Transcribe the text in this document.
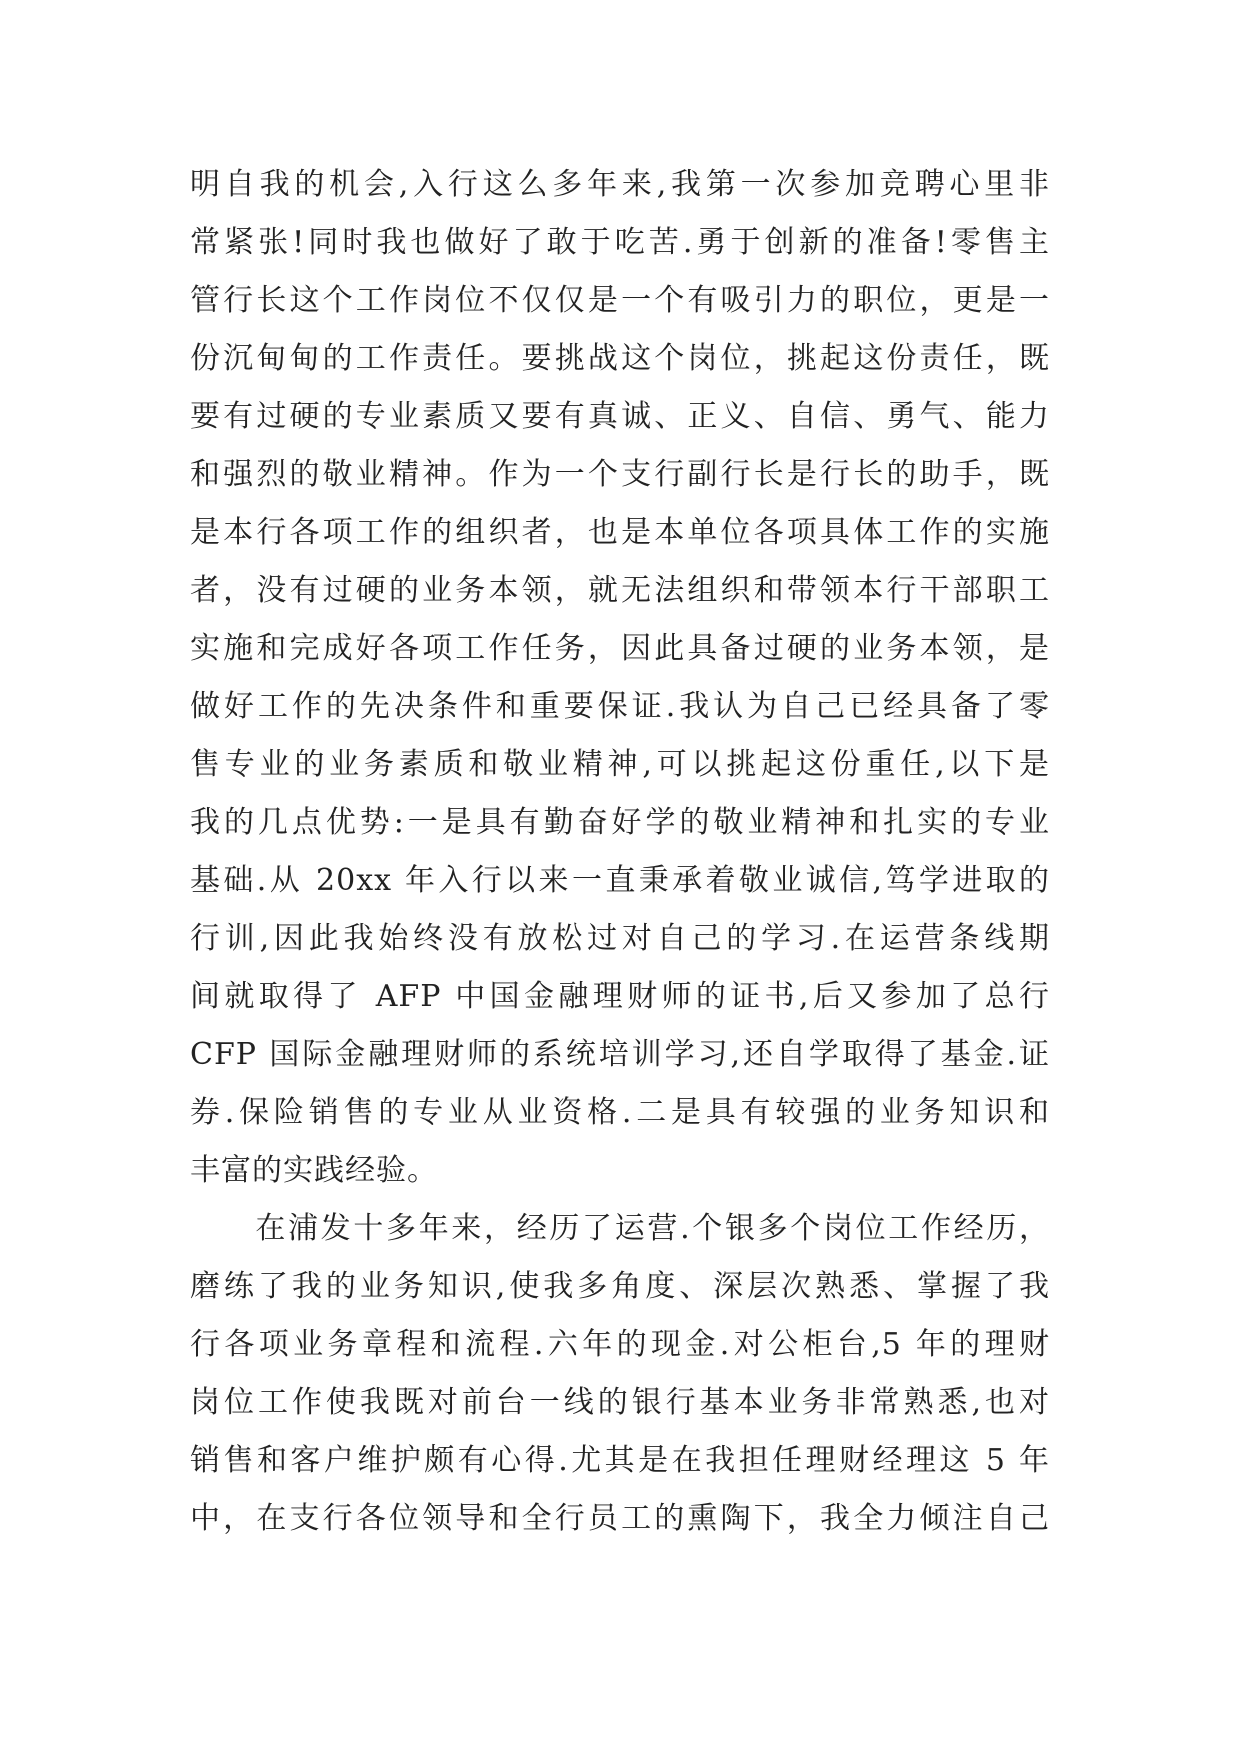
明自我的机会,入行这么多年来,我第一次参加竞聘心里非
常紧张!同时我也做好了敢于吃苦.勇于创新的准备!零售主
管行长这个工作岗位不仅仅是一个有吸引力的职位，更是一
份沉甸甸的工作责任。要挑战这个岗位，挑起这份责任，既
要有过硬的专业素质又要有真诚、正义、自信、勇气、能力
和强烈的敬业精神。作为一个支行副行长是行长的助手，既
是本行各项工作的组织者，也是本单位各项具体工作的实施
者，没有过硬的业务本领，就无法组织和带领本行干部职工
实施和完成好各项工作任务，因此具备过硬的业务本领，是
做好工作的先决条件和重要保证.我认为自己已经具备了零
售专业的业务素质和敬业精神,可以挑起这份重任,以下是
我的几点优势:一是具有勤奋好学的敬业精神和扎实的专业
基础.从 20xx 年入行以来一直秉承着敬业诚信,笃学进取的
行训,因此我始终没有放松过对自己的学习.在运营条线期
间就取得了 AFP 中国金融理财师的证书,后又参加了总行
CFP 国际金融理财师的系统培训学习,还自学取得了基金.证
券.保险销售的专业从业资格.二是具有较强的业务知识和
丰富的实践经验。
　　在浦发十多年来，经历了运营.个银多个岗位工作经历，
磨练了我的业务知识,使我多角度、深层次熟悉、掌握了我
行各项业务章程和流程.六年的现金.对公柜台,5 年的理财
岗位工作使我既对前台一线的银行基本业务非常熟悉,也对
销售和客户维护颇有心得.尤其是在我担任理财经理这 5 年
中，在支行各位领导和全行员工的熏陶下，我全力倾注自己
